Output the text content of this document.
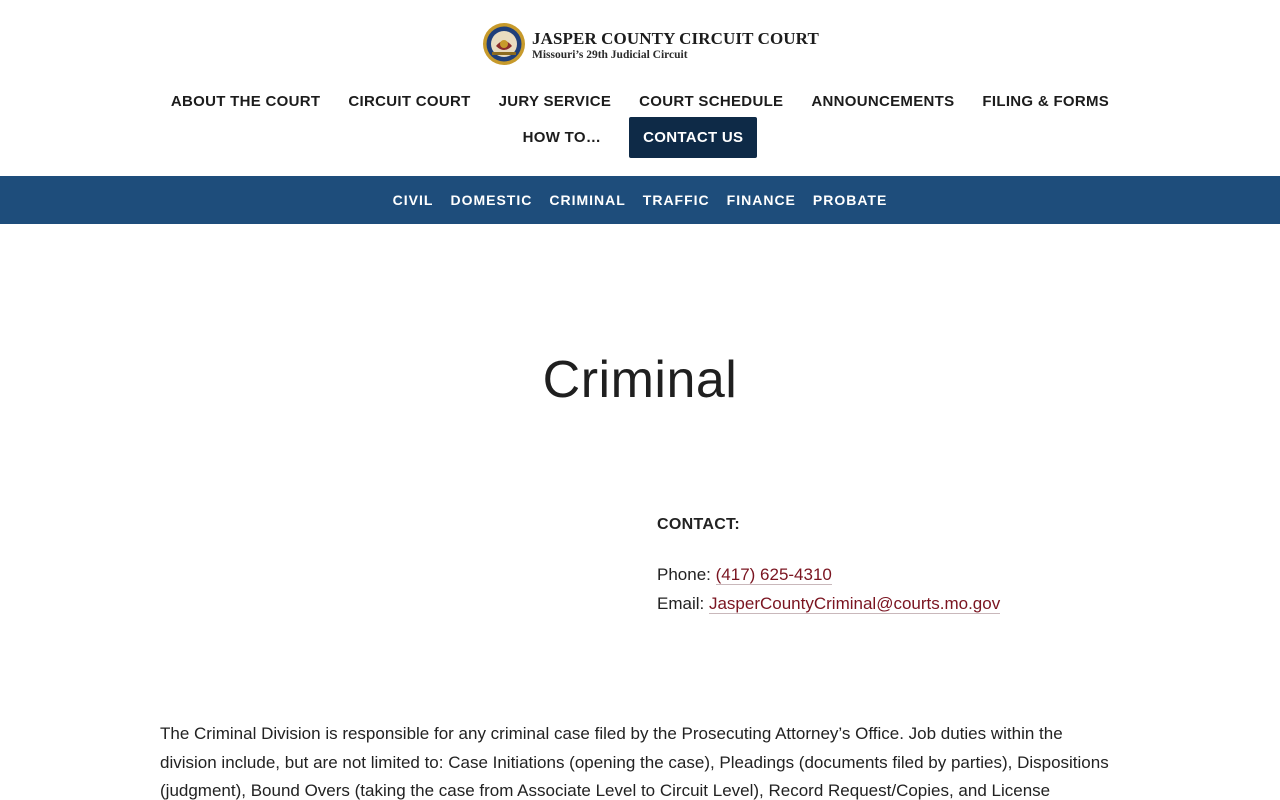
JASPER COUNTY CIRCUIT COURT
Missouri’s 29th Judicial Circuit
ABOUT THE COURT CIRCUIT COURT JURY SERVICE COURT SCHEDULE ANNOUNCEMENTS FILING & FORMS
HOW TO…	CONTACT US
CIVIL DOMESTIC CRIMINAL TRAFFIC FINANCE PROBATE
Criminal
CONTACT:
Phone: (417) 625-4310
Email: JasperCountyCriminal@courts.mo.gov

The Criminal Division is responsible for any criminal case filed by the Prosecuting Attorney’s Office. Job duties within the division include, but are not limited to: Case Initiations (opening the case), Pleadings (documents filed by parties), Dispositions (judgment), Bound Overs (taking the case from Associate Level to Circuit Level), Record Request/Copies, and License
